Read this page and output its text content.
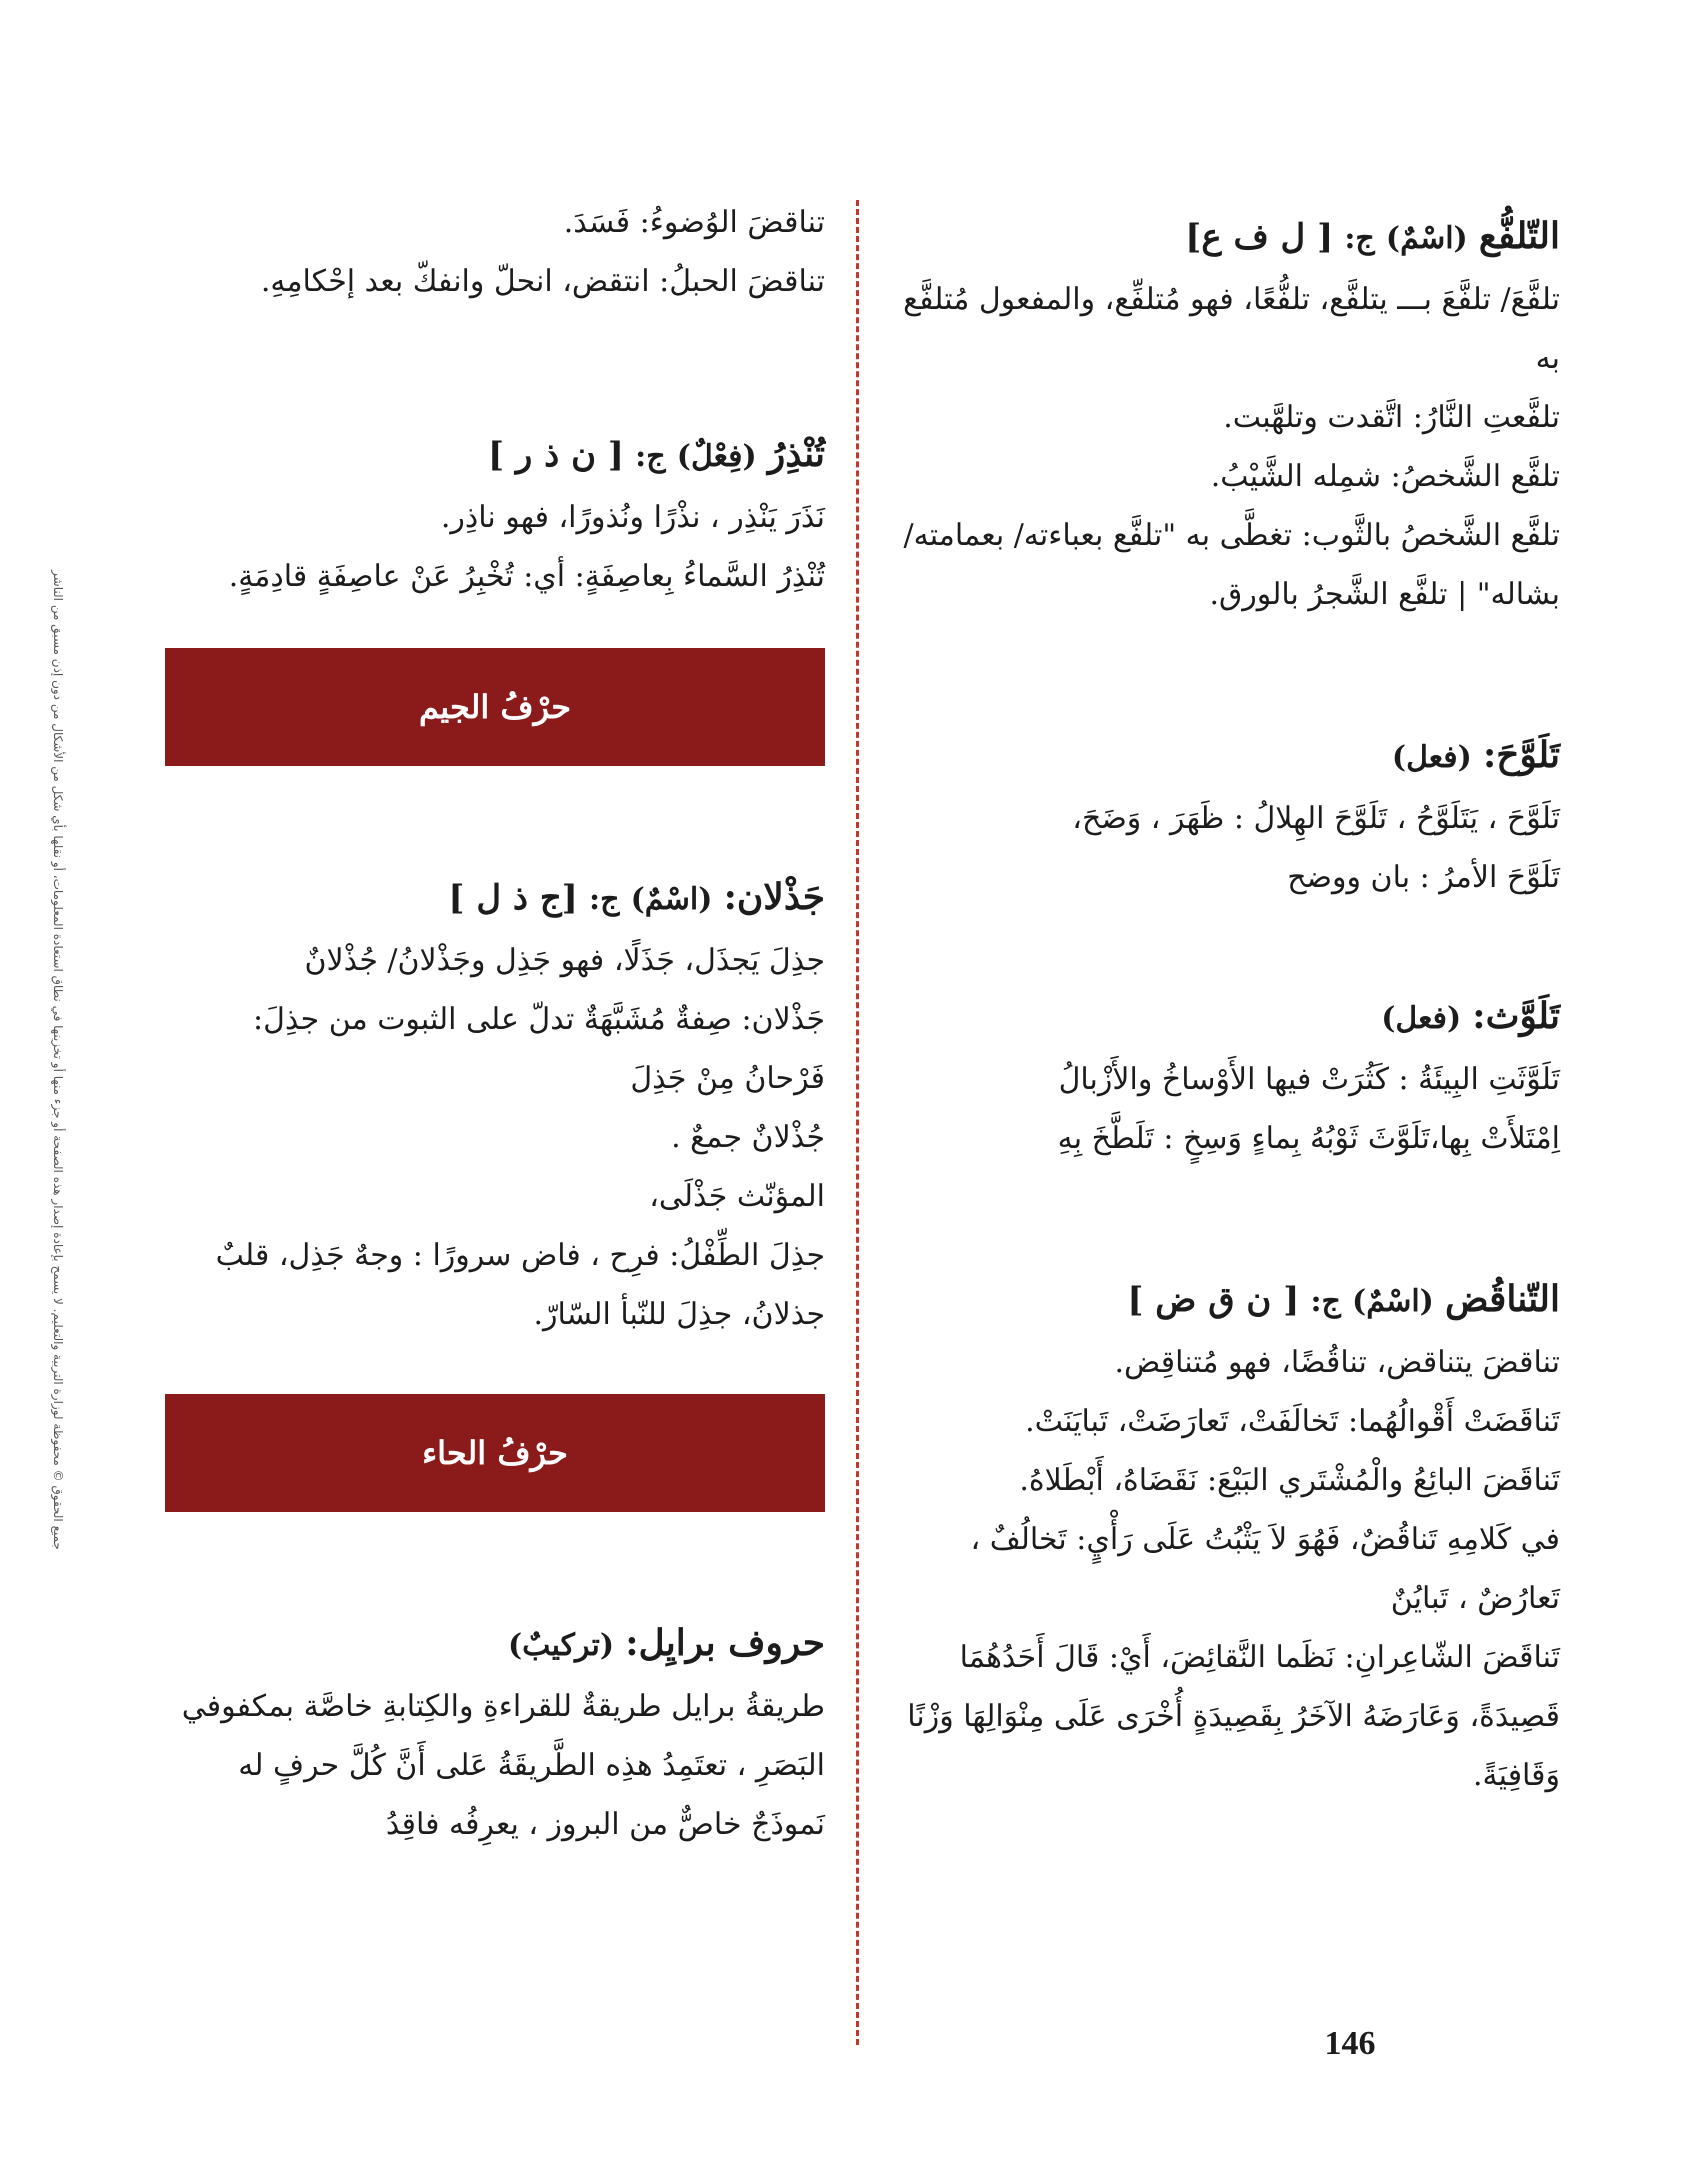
جميع الحقوق © محفوظة لوزارة التربية والتعليم. لا يسمح بإعادة إصدار هذه الصفحة أو جزء منها أو تخزينها في نطاق استعادة المعلومات، أو نقلها بأي شكل من الأشكال من دون إذن مسبق من الناشر
التّلفُّع (اسْمٌ) ج: [ ل ف ع]
تلفَّعَ/ تلفَّعَ بـــ يتلفَّع، تلفُّعًا، فهو مُتلفِّع، والمفعول مُتلفَّع به
تلفَّعتِ النَّارُ: اتَّقدت وتلهَّبت.
تلفَّع الشَّخصُ: شمِله الشَّيْبُ.
تلفَّع الشَّخصُ بالثَّوب: تغطَّى به "تلفَّع بعباءته/ بعمامته/ بشاله" | تلفَّع الشَّجرُ بالورق.
تَلَوَّحَ: (فعل)
تَلَوَّحَ ، يَتَلَوَّحُ ، تَلَوَّحَ الهِلالُ : ظَهَرَ ، وَضَحَ،
تَلَوَّحَ الأمرُ : بان ووضح
تَلَوَّث: (فعل)
تَلَوَّثَتِ البِيئَةُ : كَثُرَتْ فيها الأَوْساخُ والأَزْبالُ
اِمْتَلأَتْ بِها،تَلَوَّثَ ثَوْبُهُ بِماءٍ وَسِخٍ : تَلَطَّخَ بِهِ
التّناقُض (اسْمٌ) ج: [ ن ق ض ]
تناقضَ يتناقض، تناقُضًا، فهو مُتناقِض.
تَناقَضَتْ أَقْوالُهُما: تَخالَفَتْ، تَعارَضَتْ، تَبايَنَتْ.
تَناقَضَ البائِعُ والْمُشْتَري البَيْعَ: نَقَضَاهُ، أَبْطَلاهُ.
في كَلامِهِ تَناقُضٌ، فَهُوَ لاَ يَثْبُتُ عَلَى رَأْيٍ: تَخالُفٌ ، تَعارُضٌ ، تَبايُنٌ
تَناقَضَ الشّاعِرانِ: نَظَما النَّقائِضَ، أَيْ: قَالَ أَحَدُهُمَا قَصِيدَةً، وَعَارَضَهُ الآخَرُ بِقَصِيدَةٍ أُخْرَى عَلَى مِنْوَالِهَا وَزْنًا وَقَافِيَةً.
تناقضَ الوُضوءُ: فَسَدَ.
تناقضَ الحبلُ: انتقض، انحلّ وانفكّ بعد إحْكامِهِ.
تُنْذِرُ (فِعْلٌ) ج: [ ن ذ ر ]
نَذَرَ يَنْذِر ، نذْرًا ونُذورًا، فهو ناذِر.
تُنْذِرُ السَّماءُ بِعاصِفَةٍ: أي: تُخْبِرُ عَنْ عاصِفَةٍ قادِمَةٍ.
حرْفُ الجيم
جَذْلان: (اسْمٌ) ج: [ج ذ ل ]
جذِلَ يَجذَل، جَذَلًا، فهو جَذِل وجَذْلانُ/ جُذْلانٌ
جَذْلان: صِفةٌ مُشَبَّهَةٌ تدلّ على الثبوت من جذِلَ: فَرْحانُ مِنْ جَذِلَ
جُذْلانٌ جمعٌ .
المؤنّث جَذْلَى،
جذِلَ الطِّفْلُ: فرِح ، فاض سرورًا : وجهٌ جَذِل، قلبٌ جذلانُ، جذِلَ للنّبأ السّارّ.
حرْفُ الحاء
حروف برايِل: (تركيبٌ)
طريقةُ برايل طريقةٌ للقراءةِ والكِتابةِ خاصَّة بمكفوفي البَصَرِ ، تعتَمِدُ هذِه الطَّريقَةُ عَلى أَنَّ كُلَّ حرفٍ له نَموذَجٌ خاصٌّ من البروز ، يعرِفُه فاقِدُ
146
